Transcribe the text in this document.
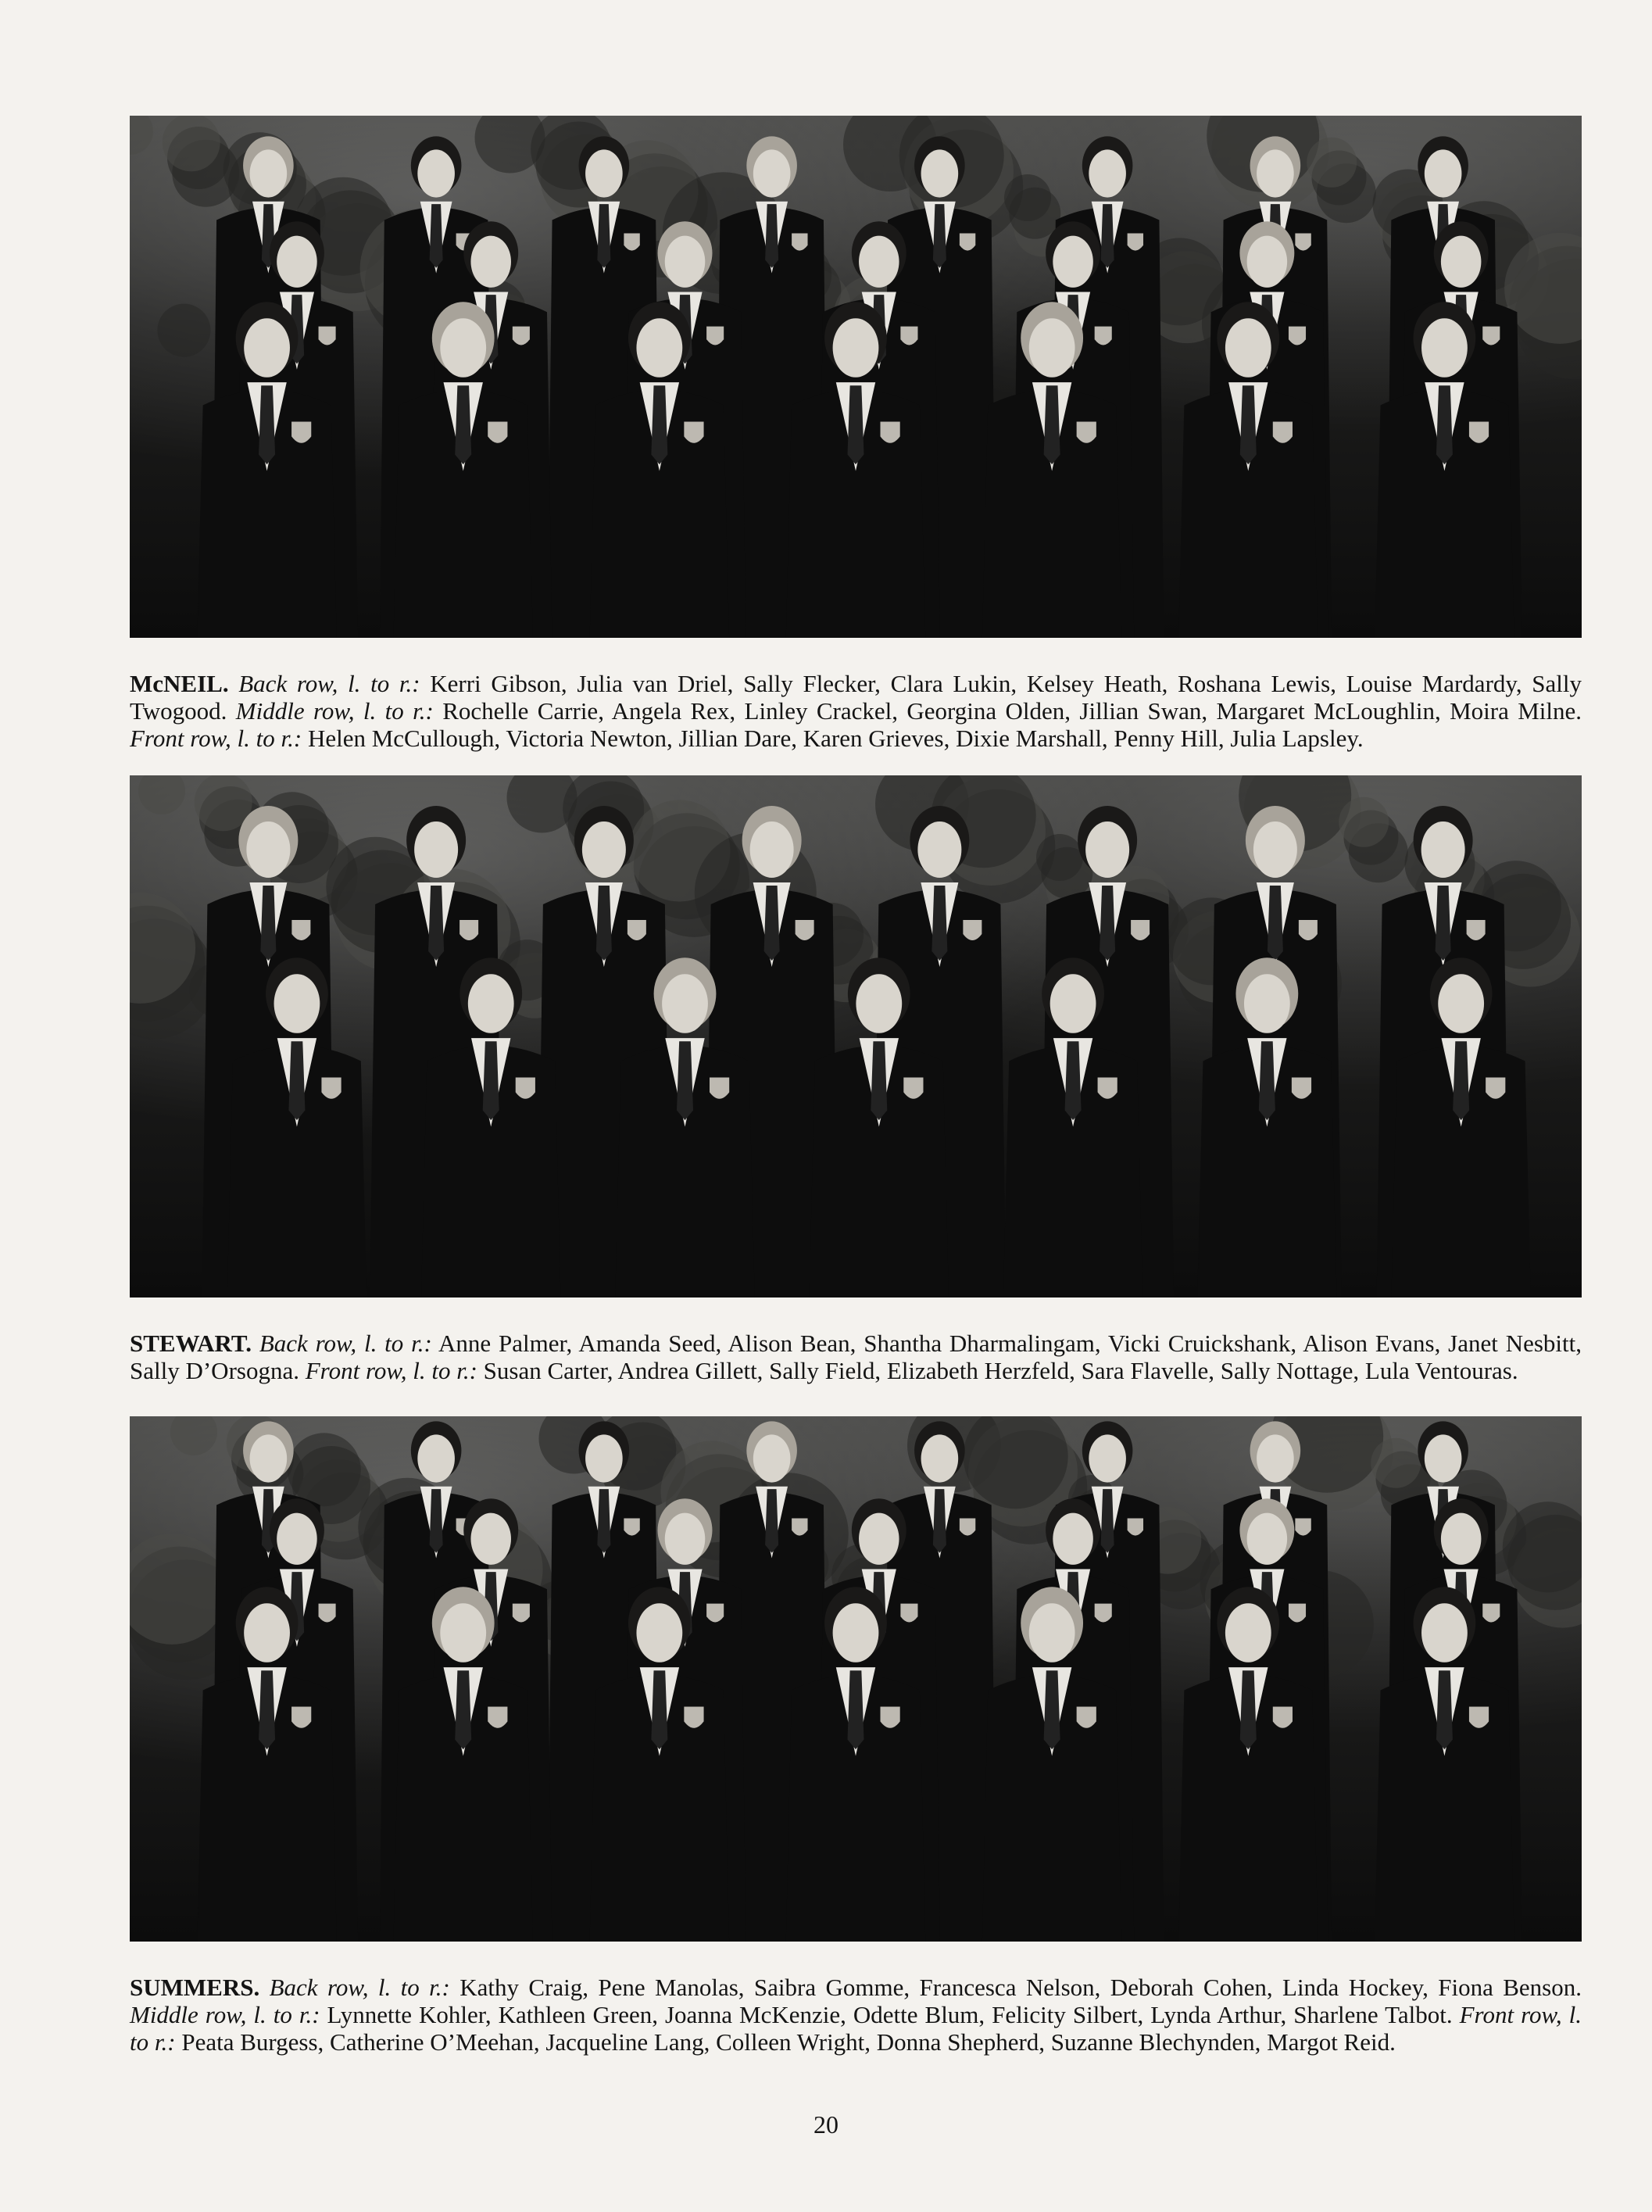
McNEIL. Back row, l. to r.: Kerri Gibson, Julia van Driel, Sally Flecker, Clara Lukin, Kelsey Heath, Roshana Lewis, Louise Mardardy, Sally Twogood. Middle row, l. to r.: Rochelle Carrie, Angela Rex, Linley Crackel, Georgina Olden, Jillian Swan, Margaret McLoughlin, Moira Milne. Front row, l. to r.: Helen McCullough, Victoria Newton, Jillian Dare, Karen Grieves, Dixie Marshall, Penny Hill, Julia Lapsley.

STEWART. Back row, l. to r.: Anne Palmer, Amanda Seed, Alison Bean, Shantha Dharmalingam, Vicki Cruickshank, Alison Evans, Janet Nesbitt, Sally D’Orsogna. Front row, l. to r.: Susan Carter, Andrea Gillett, Sally Field, Elizabeth Herzfeld, Sara Flavelle, Sally Nottage, Lula Ventouras.

SUMMERS. Back row, l. to r.: Kathy Craig, Pene Manolas, Saibra Gomme, Francesca Nelson, Deborah Cohen, Linda Hockey, Fiona Benson. Middle row, l. to r.: Lynnette Kohler, Kathleen Green, Joanna McKenzie, Odette Blum, Felicity Silbert, Lynda Arthur, Sharlene Talbot. Front row, l. to r.: Peata Burgess, Catherine O’Meehan, Jacqueline Lang, Colleen Wright, Donna Shepherd, Suzanne Blechynden, Margot Reid.

20
